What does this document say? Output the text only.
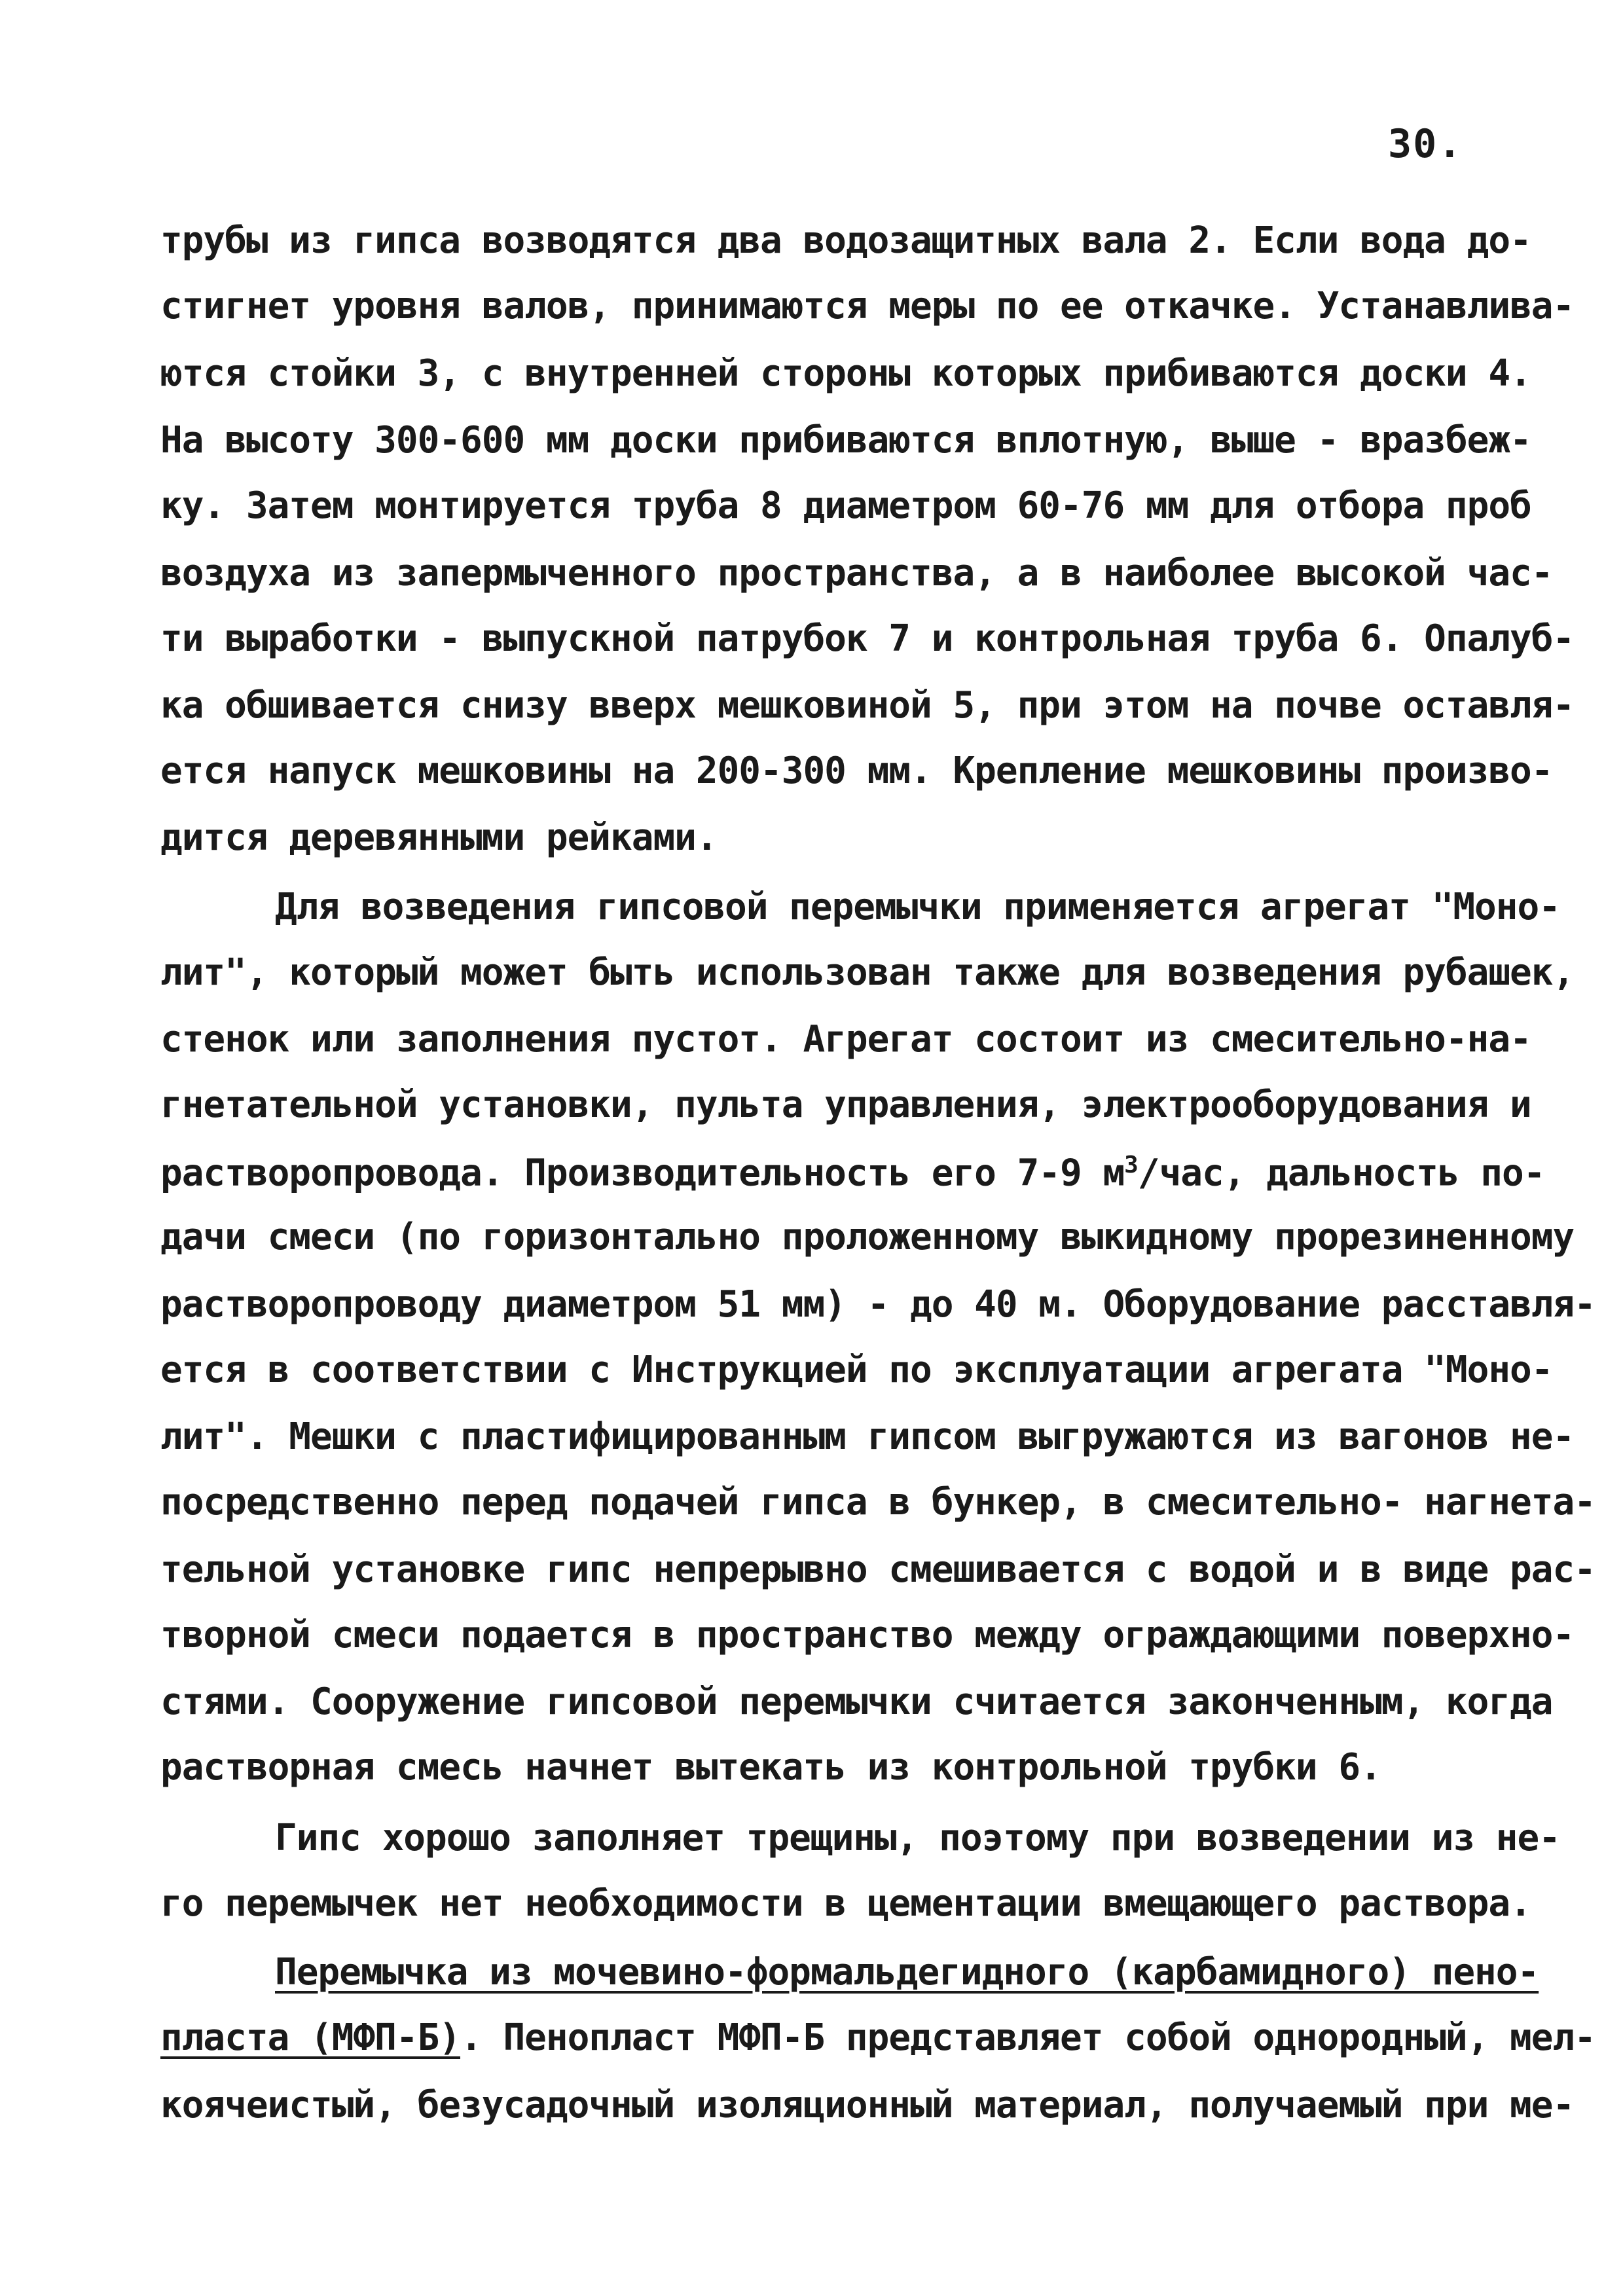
30.
трубы из гипса возводятся два водозащитных вала 2. Если вода до-
стигнет уровня валов, принимаются меры по ее откачке. Устанавлива-
ются стойки 3, с внутренней стороны которых прибиваются доски 4.
На высоту 300-600 мм доски прибиваются вплотную, выше - вразбеж-
ку. Затем монтируется труба 8 диаметром 60-76 мм для отбора проб
воздуха из запермыченного пространства, а в наиболее высокой час-
ти выработки - выпускной патрубок 7 и контрольная труба 6. Опалуб-
ка обшивается снизу вверх мешковиной 5, при этом на почве оставля-
ется напуск мешковины на 200-300 мм. Крепление мешковины произво-
дится деревянными рейками.
Для возведения гипсовой перемычки применяется агрегат "Моно-
лит", который может быть использован также для возведения рубашек,
стенок или заполнения пустот. Агрегат состоит из смесительно-на-
гнетательной установки, пульта управления, электрооборудования и
растворопровода. Производительность его 7-9 $м^3$/час, дальность по-
дачи смеси (по горизонтально проложенному выкидному прорезиненному
растворопроводу диаметром 51 мм) - до 40 м. Оборудование расставля-
ется в соответствии с Инструкцией по эксплуатации агрегата "Моно-
лит". Мешки с пластифицированным гипсом выгружаются из вагонов не-
посредственно перед подачей гипса в бункер, в смесительно- нагнета-
тельной установке гипс непрерывно смешивается с водой и в виде рас-
творной смеси подается в пространство между ограждающими поверхно-
стями. Сооружение гипсовой перемычки считается законченным, когда
растворная смесь начнет вытекать из контрольной трубки 6.
Гипс хорошо заполняет трещины, поэтому при возведении из не-
го перемычек нет необходимости в цементации вмещающего раствора.
Перемычка из мочевино-формальдегидного (карбамидного) пено-
пласта (МФП-Б). Пенопласт МФП-Б представляет собой однородный, мел-
коячеистый, безусадочный изоляционный материал, получаемый при ме-
